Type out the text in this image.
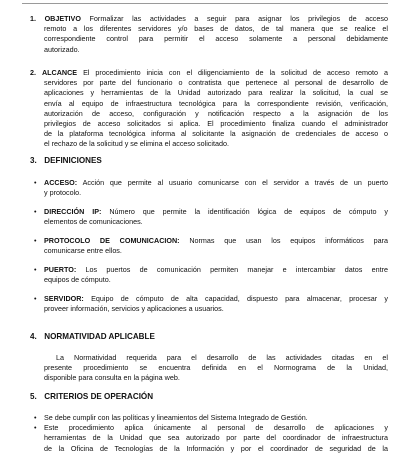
1. OBJETIVO Formalizar las actividades a seguir para asignar los privilegios de acceso
remoto a los diferentes servidores y/o bases de datos, de tal manera que se realice el
correspondiente control para permitir el acceso solamente a personal debidamente
autorizado.
2. ALCANCE El procedimiento inicia con el diligenciamiento de la solicitud de acceso remoto a
servidores por parte del funcionario o contratista que pertenece al personal de desarrollo de
aplicaciones y herramientas de la Unidad autorizado para realizar la solicitud, la cual se
envía al equipo de infraestructura tecnológica para la correspondiente revisión, verificación,
autorización de acceso, configuración y notificación respecto a la asignación de los
privilegios de acceso solicitados si aplica. El procedimiento finaliza cuando el administrador
de la plataforma tecnológica informa al solicitante la asignación de credenciales de acceso o
el rechazo de la solicitud y se elimina el acceso solicitado.
3. DEFINICIONES
• ACCESO: Acción que permite al usuario comunicarse con el servidor a través de un puerto
y protocolo.
• DIRECCIÓN IP: Número que permite la identificación lógica de equipos de cómputo y
elementos de comunicaciones.
• PROTOCOLO DE COMUNICACION: Normas que usan los equipos informáticos para
comunicarse entre ellos.
• PUERTO: Los puertos de comunicación permiten manejar e intercambiar datos entre
equipos de cómputo.
• SERVIDOR: Equipo de cómputo de alta capacidad, dispuesto para almacenar, procesar y
proveer información, servicios y aplicaciones a usuarios.
4. NORMATIVIDAD APLICABLE
La Normatividad requerida para el desarrollo de las actividades citadas en el
presente procedimiento se encuentra definida en el Normograma de la Unidad,
disponible para consulta en la página web.
5. CRITERIOS DE OPERACIÓN
• Se debe cumplir con las políticas y lineamientos del Sistema Integrado de Gestión.
• Este procedimiento aplica únicamente al personal de desarrollo de aplicaciones y
herramientas de la Unidad que sea autorizado por parte del coordinador de infraestructura
de la Oficina de Tecnologías de la Información y por el coordinador de seguridad de la
